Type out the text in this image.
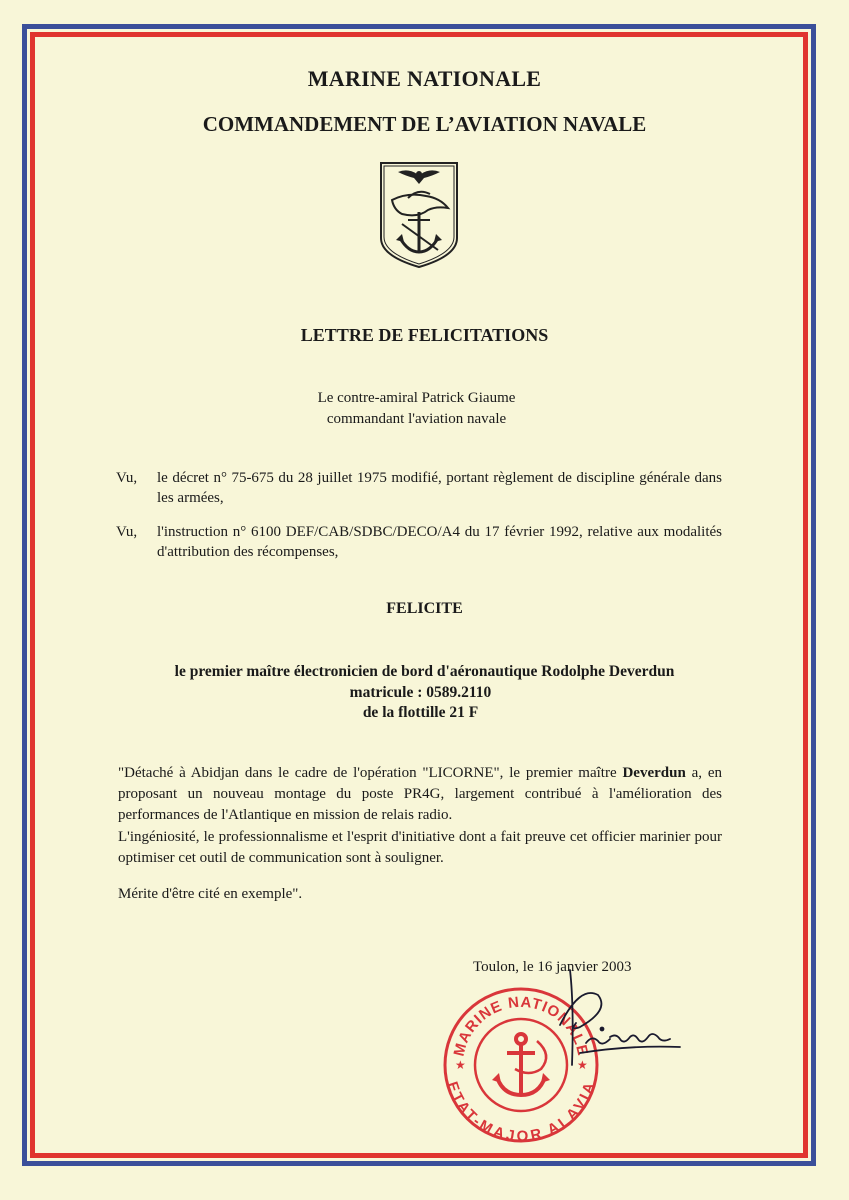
MARINE NATIONALE
COMMANDEMENT DE L’AVIATION NAVALE
LETTRE DE FELICITATIONS
Le contre-amiral Patrick Giaume
commandant l'aviation navale
Vu, le décret n° 75-675 du 28 juillet 1975 modifié, portant règlement de discipline générale dans les armées,
Vu, l'instruction n° 6100 DEF/CAB/SDBC/DECO/A4 du 17 février 1992, relative aux modalités d'attribution des récompenses,
FELICITE
le premier maître électronicien de bord d'aéronautique Rodolphe Deverdun
matricule : 0589.2110
de la flottille 21 F
"Détaché à Abidjan dans le cadre de l'opération "LICORNE", le premier maître Deverdun a, en proposant un nouveau montage du poste PR4G, largement contribué à l'amélioration des performances de l'Atlantique en mission de relais radio.
L'ingéniosité, le professionnalisme et l'esprit d'initiative dont a fait preuve cet officier marinier pour optimiser cet outil de communication sont à souligner.
Mérite d'être cité en exemple".
Toulon, le 16 janvier 2003
MARINE NATIONALE
ETAT-MAJOR ALAVIA
★	★
